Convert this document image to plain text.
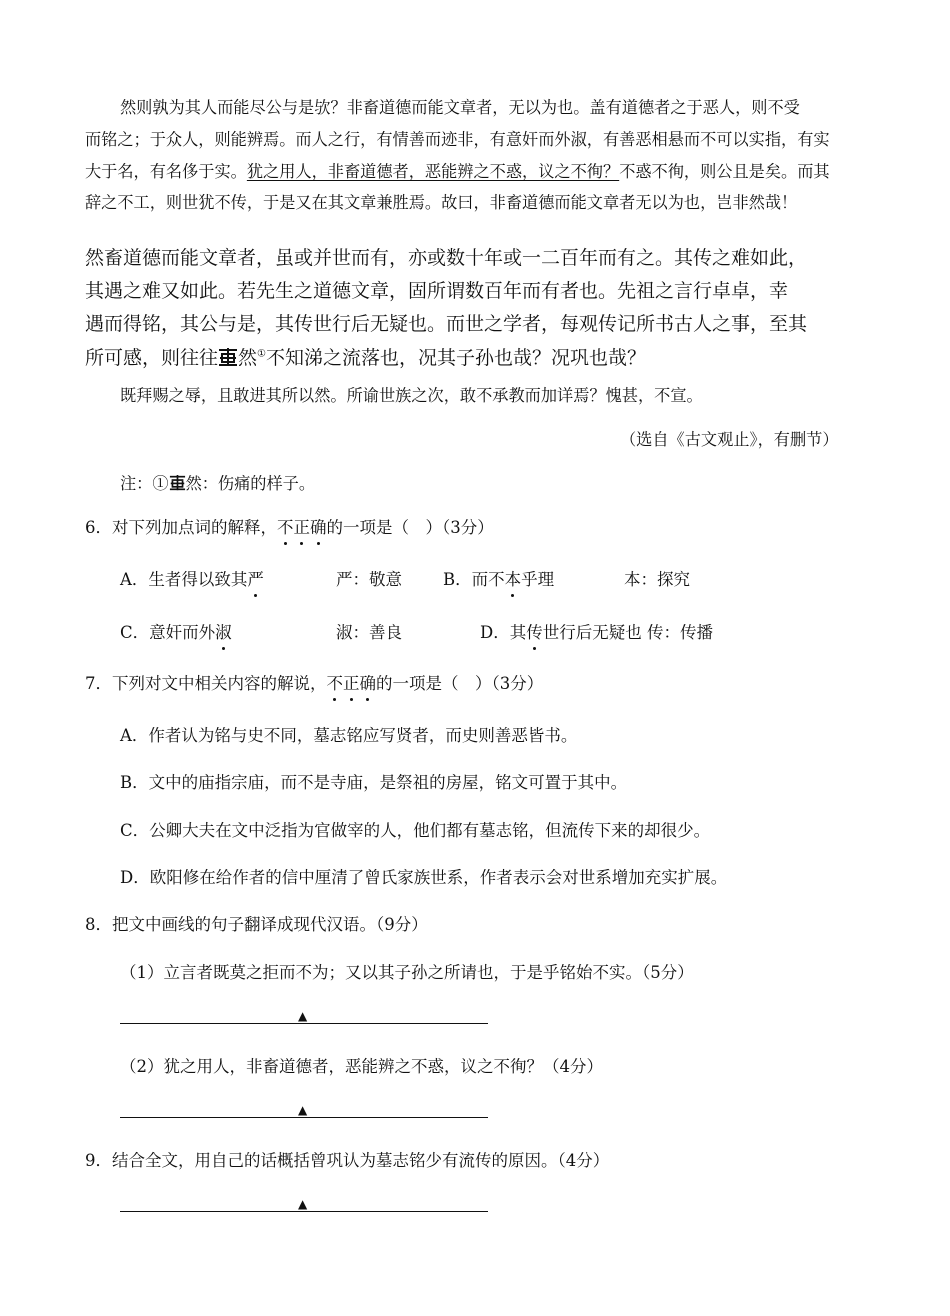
然则孰为其人而能尽公与是欤？非畜道德而能文章者，无以为也。盖有道德者之于恶人，则不受
而铭之；于众人，则能辨焉。而人之行，有情善而迹非，有意奸而外淑，有善恶相悬而不可以实指，有实
大于名，有名侈于实。犹之用人，非畜道德者，恶能辨之不惑，议之不徇？不惑不徇，则公且是矣。而其
辞之不工，则世犹不传，于是又在其文章兼胜焉。故曰，非畜道德而能文章者无以为也，岂非然哉！
然畜道德而能文章者，虽或并世而有，亦或数十年或一二百年而有之。其传之难如此，
其遇之难又如此。若先生之道德文章，固所谓数百年而有者也。先祖之言行卓卓，幸
遇而得铭，其公与是，其传世行后无疑也。而世之学者，每观传记所书古人之事，至其
所可感，则往往 然①不知涕之流落也，况其子孙也哉？况巩也哉？
既拜赐之辱，且敢进其所以然。所谕世族之次，敢不承教而加详焉？愧甚，不宣。
（选自《古文观止》，有删节）
注：① 然：伤痛的样子。
6．对下列加点词的解释，不正确的一项是（　）（3分）
A．生者得以致其严	严：敬意 B．而不本乎理	本：探究
C．意奸而外淑	淑：善良	D．其传世行后无疑也 传：传播
7．下列对文中相关内容的解说，不正确的一项是（　）（3分）
A．作者认为铭与史不同，墓志铭应写贤者，而史则善恶皆书。
B．文中的庙指宗庙，而不是寺庙，是祭祖的房屋，铭文可置于其中。
C．公卿大夫在文中泛指为官做宰的人，他们都有墓志铭，但流传下来的却很少。
D．欧阳修在给作者的信中厘清了曾氏家族世系，作者表示会对世系增加充实扩展。
8．把文中画线的句子翻译成现代汉语。（9分）
（1）立言者既莫之拒而不为；又以其子孙之所请也，于是乎铭始不实。（5分）
▲
（2）犹之用人，非畜道德者，恶能辨之不惑，议之不徇？（4分）
▲
9．结合全文，用自己的话概括曾巩认为墓志铭少有流传的原因。（4分）
▲
